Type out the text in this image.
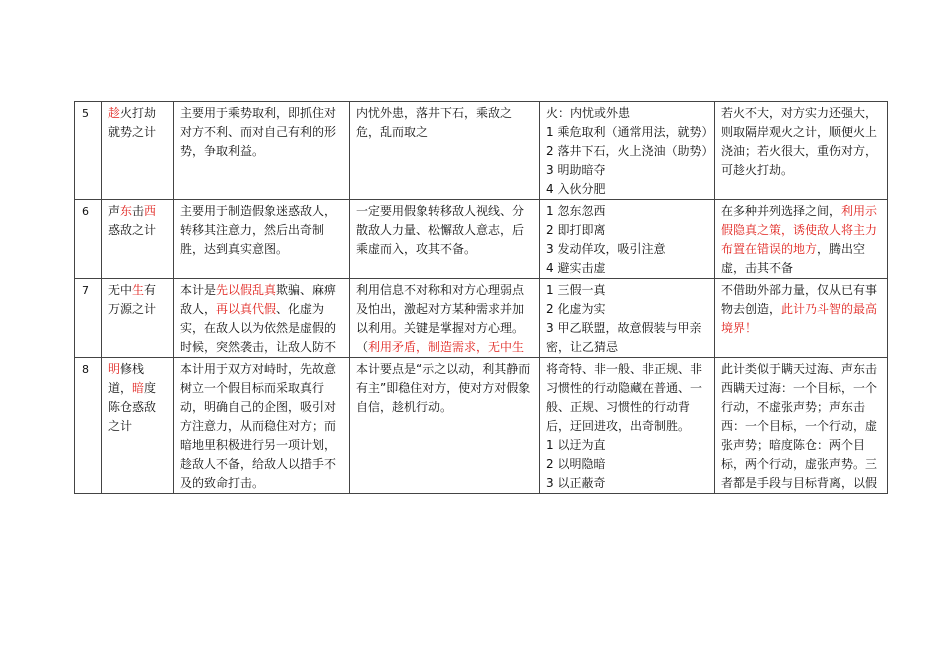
5	趁火打劫就势之计	主要用于乘势取利，即抓住对对方不利、而对自己有利的形势，争取利益。	内忧外患，落井下石，乘敌之危，乱而取之	火：内忧或外患
1 乘危取利（通常用法，就势）2 落井下石，火上浇油（助势）3 明助暗夺
4 入伙分肥	若火不大，对方实力还强大，则取隔岸观火之计，顺便火上浇油；若火很大，重伤对方，可趁火打劫。
6	声东击西惑敌之计	主要用于制造假象迷惑敌人，转移其注意力，然后出奇制胜，达到真实意图。	一定要用假象转移敌人视线、分散敌人力量、松懈敌人意志，后乘虚而入，攻其不备。	1 忽东忽西
2 即打即离
3 发动佯攻，吸引注意
4 避实击虚	在多种并列选择之间，利用示假隐真之策，诱使敌人将主力布置在错误的地方，腾出空虚，击其不备
7	无中生有万源之计	本计是先以假乱真欺骗、麻痹敌人，再以真代假、化虚为实，在敌人以为依然是虚假的时候，突然袭击，让敌人防不	利用信息不对称和对方心理弱点及怕出，激起对方某种需求并加以利用。关键是掌握对方心理。（利用矛盾，制造需求，无中生	1 三假一真
2 化虚为实
3 甲乙联盟，故意假装与甲亲密，让乙猜忌	不借助外部力量，仅从已有事物去创造，此计乃斗智的最高境界！
8	明修栈道，暗度陈仓惑敌之计	本计用于双方对峙时，先故意树立一个假目标而采取真行动，明确自己的企图，吸引对方注意力，从而稳住对方；而暗地里积极进行另一项计划，趁敌人不备，给敌人以措手不及的致命打击。	本计要点是“示之以动，利其静而有主”即稳住对方，使对方对假象自信，趁机行动。	将奇特、非一般、非正规、非习惯性的行动隐藏在普通、一般、正规、习惯性的行动背后，迂回进攻，出奇制胜。
1 以迂为直
2 以明隐暗
3 以正蔽奇	此计类似于瞒天过海、声东击西瞒天过海：一个目标，一个行动，不虚张声势；声东击西：一个目标，一个行动，虚张声势；暗度陈仓：两个目标，两个行动，虚张声势。三者都是手段与目标背离，以假
